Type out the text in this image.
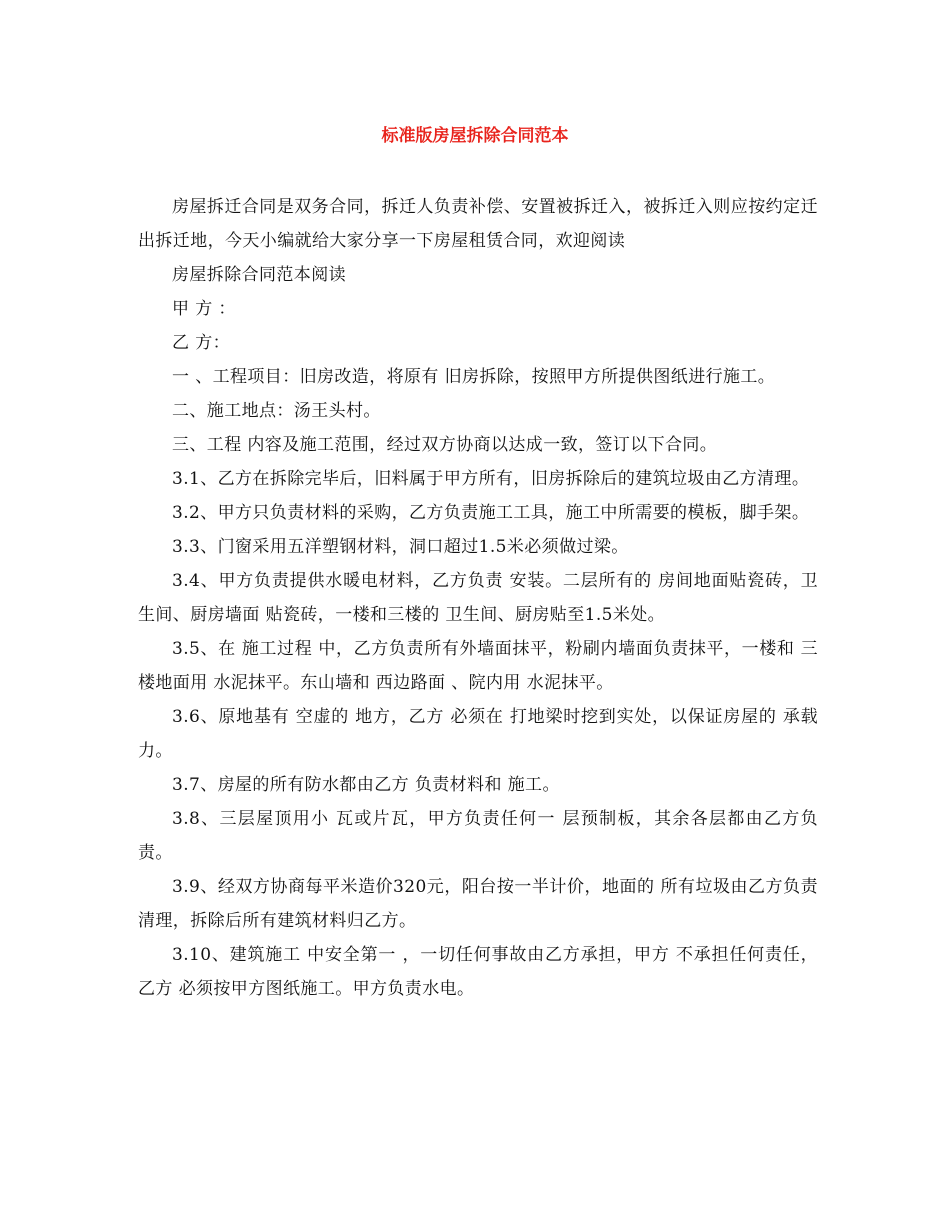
标准版房屋拆除合同范本

房屋拆迁合同是双务合同，拆迁人负责补偿、安置被拆迁入，被拆迁入则应按约定迁出拆迁地，今天小编就给大家分享一下房屋租赁合同，欢迎阅读

房屋拆除合同范本阅读

甲 方 ：

乙 方：

一 、工程项目：旧房改造，将原有 旧房拆除，按照甲方所提供图纸进行施工。

二、施工地点：汤王头村。

三、工程 内容及施工范围，经过双方协商以达成一致，签订以下合同。

3.1、乙方在拆除完毕后，旧料属于甲方所有，旧房拆除后的建筑垃圾由乙方清理。

3.2、甲方只负责材料的采购，乙方负责施工工具，施工中所需要的模板，脚手架。

3.3、门窗采用五洋塑钢材料，洞口超过1.5米必须做过梁。

3.4、甲方负责提供水暖电材料，乙方负责 安装。二层所有的 房间地面贴瓷砖，卫生间、厨房墙面 贴瓷砖，一楼和三楼的 卫生间、厨房贴至1.5米处。

3.5、在 施工过程 中，乙方负责所有外墙面抹平，粉刷内墙面负责抹平，一楼和 三楼地面用 水泥抹平。东山墙和 西边路面 、院内用 水泥抹平。

3.6、原地基有 空虚的 地方，乙方 必须在 打地梁时挖到实处，以保证房屋的 承载力。

3.7、房屋的所有防水都由乙方 负责材料和 施工。

3.8、三层屋顶用小 瓦或片瓦，甲方负责任何一 层预制板，其余各层都由乙方负责。

3.9、经双方协商每平米造价320元，阳台按一半计价，地面的 所有垃圾由乙方负责清理，拆除后所有建筑材料归乙方。

3.10、建筑施工 中安全第一 ，一切任何事故由乙方承担，甲方 不承担任何责任，乙方 必须按甲方图纸施工。甲方负责水电。
